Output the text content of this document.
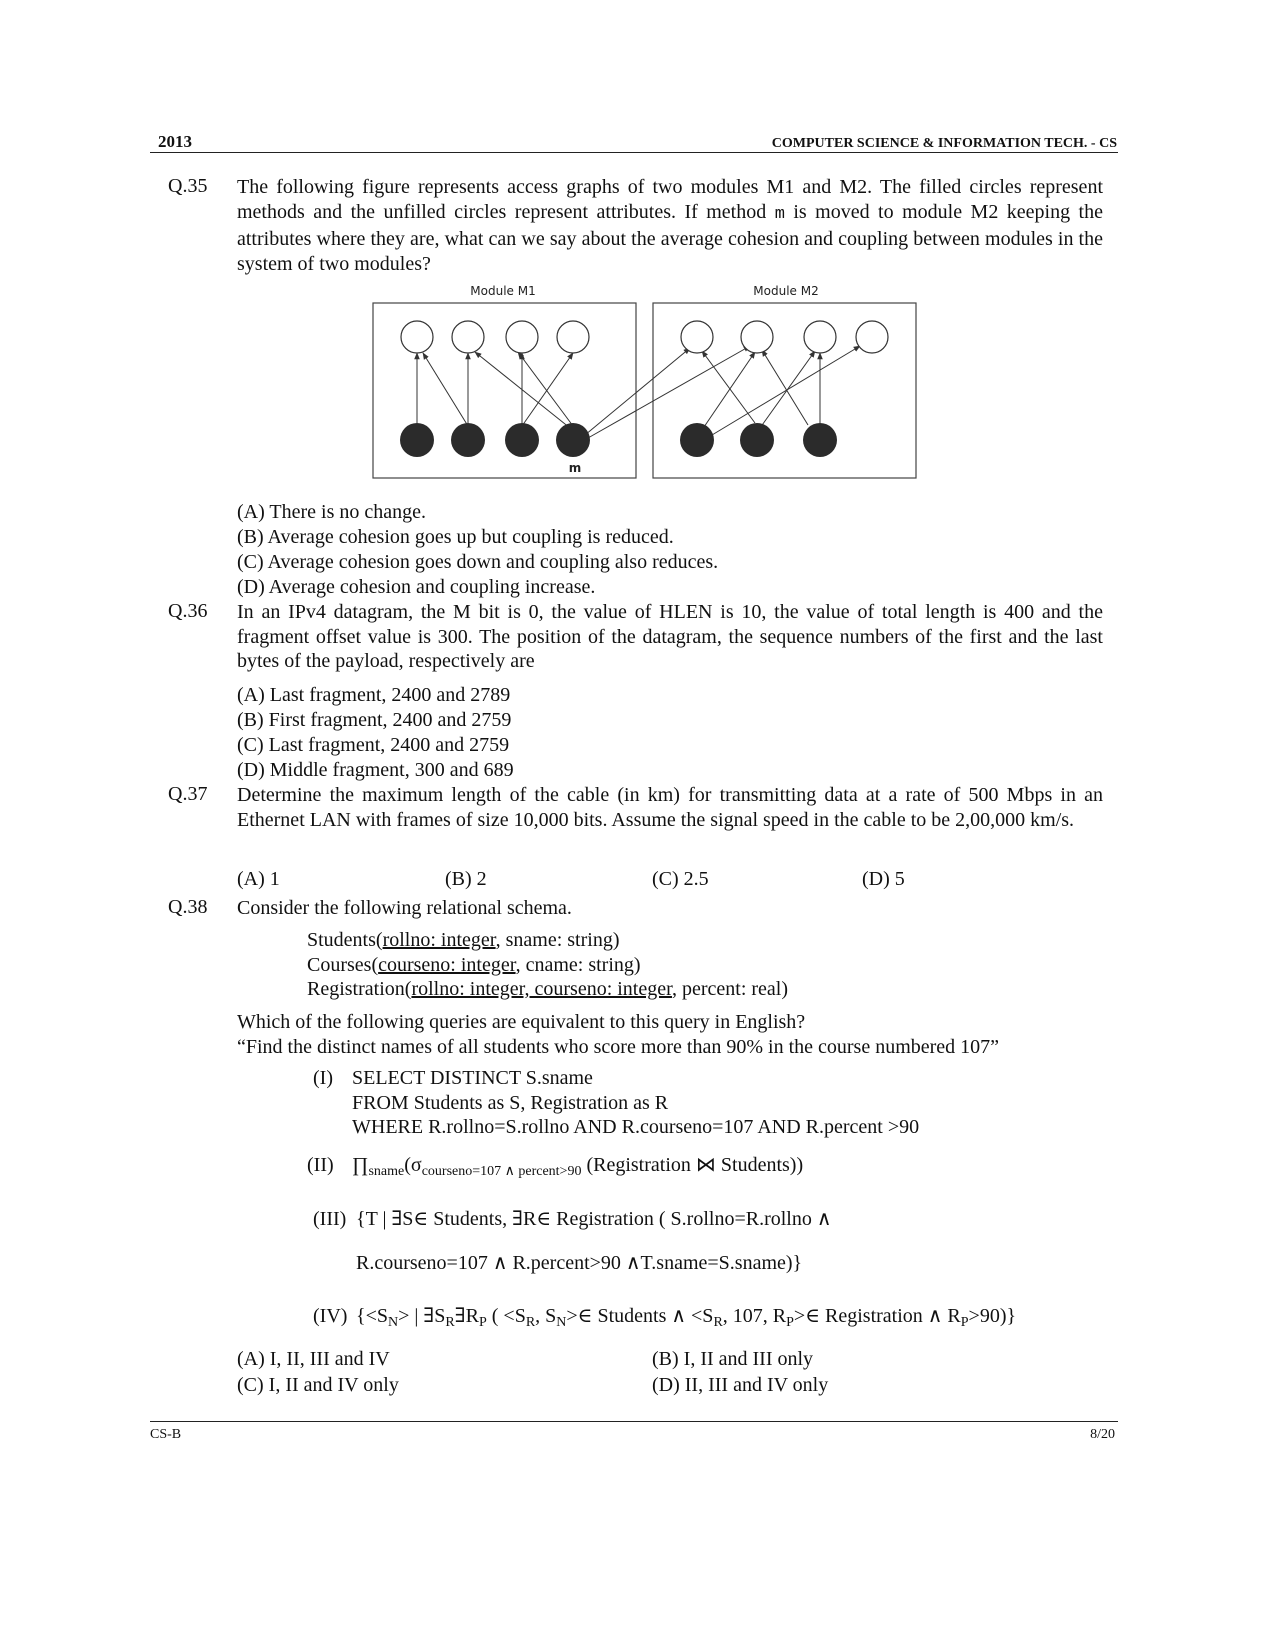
2013	COMPUTER SCIENCE & INFORMATION TECH. - CS
Q.35 The following figure represents access graphs of two modules M1 and M2. The filled circles represent methods and the unfilled circles represent attributes. If method m is moved to module M2 keeping the attributes where they are, what can we say about the average cohesion and coupling between modules in the system of two modules?
Module M1	Module M2
m
(A) There is no change.
(B) Average cohesion goes up but coupling is reduced.
(C) Average cohesion goes down and coupling also reduces.
(D) Average cohesion and coupling increase.
Q.36 In an IPv4 datagram, the M bit is 0, the value of HLEN is 10, the value of total length is 400 and the fragment offset value is 300. The position of the datagram, the sequence numbers of the first and the last bytes of the payload, respectively are
(A) Last fragment, 2400 and 2789
(B) First fragment, 2400 and 2759
(C) Last fragment, 2400 and 2759
(D) Middle fragment, 300 and 689
Q.37 Determine the maximum length of the cable (in km) for transmitting data at a rate of 500 Mbps in an Ethernet LAN with frames of size 10,000 bits. Assume the signal speed in the cable to be 2,00,000 km/s.
(A) 1	(B) 2	(C) 2.5	(D) 5
Q.38 Consider the following relational schema.
Students(rollno: integer, sname: string)
Courses(courseno: integer, cname: string)
Registration(rollno: integer, courseno: integer, percent: real)
Which of the following queries are equivalent to this query in English?
“Find the distinct names of all students who score more than 90% in the course numbered 107”
(I) SELECT DISTINCT S.sname
FROM Students as S, Registration as R
WHERE R.rollno=S.rollno AND R.courseno=107 AND R.percent >90
(II) $\prod_{sname}(\sigma_{courseno=107 \wedge percent>90}$ (Registration ⋈ Students))
(III) {T | ∃S∈ Students, ∃R∈ Registration ( S.rollno=R.rollno ∧
R.courseno=107 ∧ R.percent>90 ∧T.sname=S.sname)}
(IV) {$<S_N>$ | $\exists S_R\exists R_P$ ( $<S_R$, $S_N>\in$ Students ∧ $<S_R$, 107, $R_P>\in$ Registration ∧ $R_P>90$)}
(A) I, II, III and IV	(B) I, II and III only
(C) I, II and IV only	(D) II, III and IV only
CS-B	8/20
